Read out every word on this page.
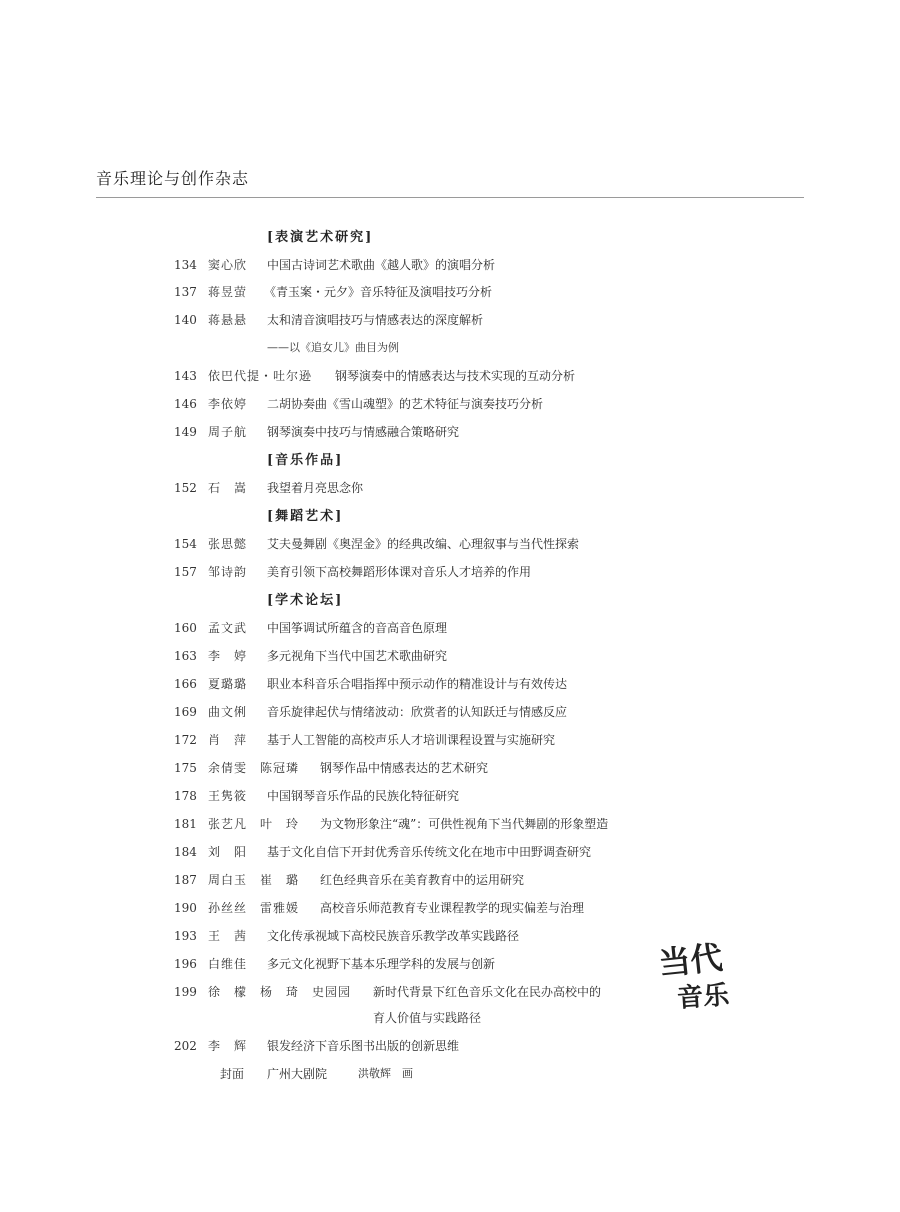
音乐理论与创作杂志
[表演艺术研究]
134 窦心欣 中国古诗词艺术歌曲《越人歌》的演唱分析
137 蒋昱萤 《青玉案・元夕》音乐特征及演唱技巧分析
140 蒋悬悬 太和清音演唱技巧与情感表达的深度解析
——以《追女儿》曲目为例
143 依巴代提・吐尔逊 钢琴演奏中的情感表达与技术实现的互动分析
146 李依婷 二胡协奏曲《雪山魂塑》的艺术特征与演奏技巧分析
149 周子航 钢琴演奏中技巧与情感融合策略研究
[音乐作品]
152 石　嵩 我望着月亮思念你
[舞蹈艺术]
154 张思懿 艾夫曼舞剧《奥涅金》的经典改编、心理叙事与当代性探索
157 邹诗韵 美育引领下高校舞蹈形体课对音乐人才培养的作用
[学术论坛]
160 孟文武 中国筝调试所蕴含的音高音色原理
163 李　婷 多元视角下当代中国艺术歌曲研究
166 夏璐璐 职业本科音乐合唱指挥中预示动作的精准设计与有效传达
169 曲文俐 音乐旋律起伏与情绪波动：欣赏者的认知跃迁与情感反应
172 肖　萍 基于人工智能的高校声乐人才培训课程设置与实施研究
175 余倩雯　陈冠璘 钢琴作品中情感表达的艺术研究
178 王隽筱 中国钢琴音乐作品的民族化特征研究
181 张艺凡　叶　玲 为文物形象注“魂”：可供性视角下当代舞剧的形象塑造
184 刘　阳 基于文化自信下开封优秀音乐传统文化在地市中田野调查研究
187 周白玉　崔　璐 红色经典音乐在美育教育中的运用研究
190 孙丝丝　雷雅媛 高校音乐师范教育专业课程教学的现实偏差与治理
193 王　茜 文化传承视域下高校民族音乐教学改革实践路径
196 白维佳 多元文化视野下基本乐理学科的发展与创新
199 徐　檬　杨　琦　史园园 新时代背景下红色音乐文化在民办高校中的
育人价值与实践路径
202 李　辉 银发经济下音乐图书出版的创新思维
封面 广州大剧院	洪敬辉　画
当代
音乐
